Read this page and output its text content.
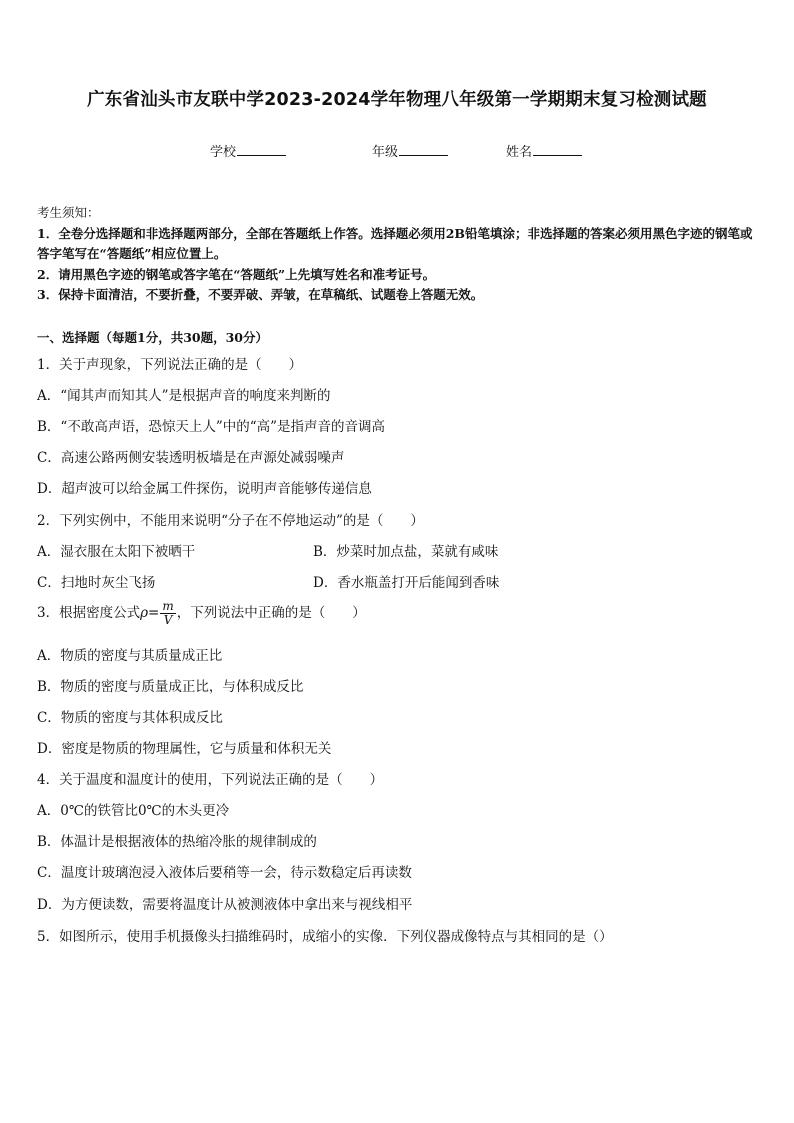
广东省汕头市友联中学2023-2024学年物理八年级第一学期期末复习检测试题
学校	年级	姓名
考生须知：
1．全卷分选择题和非选择题两部分，全部在答题纸上作答。选择题必须用2B铅笔填涂；非选择题的答案必须用黑色字迹的钢笔或答字笔写在“答题纸”相应位置上。
2．请用黑色字迹的钢笔或答字笔在“答题纸”上先填写姓名和准考证号。
3．保持卡面清洁，不要折叠，不要弄破、弄皱，在草稿纸、试题卷上答题无效。
一、选择题（每题1分，共30题，30分）
1．关于声现象，下列说法正确的是（　　）
A．“闻其声而知其人”是根据声音的响度来判断的
B．“不敢高声语，恐惊天上人”中的“高”是指声音的音调高
C．高速公路两侧安装透明板墙是在声源处减弱噪声
D．超声波可以给金属工件探伤，说明声音能够传递信息
2．下列实例中，不能用来说明“分子在不停地运动”的是（　　）
A．湿衣服在太阳下被晒干	B．炒菜时加点盐，菜就有咸味
C．扫地时灰尘飞扬	D．香水瓶盖打开后能闻到香味
3．根据密度公式$\rho= \frac{m}{V}$ ，下列说法中正确的是（　　）
A．物质的密度与其质量成正比
B．物质的密度与质量成正比，与体积成反比
C．物质的密度与其体积成反比
D．密度是物质的物理属性，它与质量和体积无关
4．关于温度和温度计的使用，下列说法正确的是（　　）
A．0℃的铁管比0℃的木头更冷
B．体温计是根据液体的热缩冷胀的规律制成的
C．温度计玻璃泡浸入液体后要稍等一会，待示数稳定后再读数
D．为方便读数，需要将温度计从被测液体中拿出来与视线相平
5．如图所示，使用手机摄像头扫描维码时，成缩小的实像．下列仪器成像特点与其相同的是（）
